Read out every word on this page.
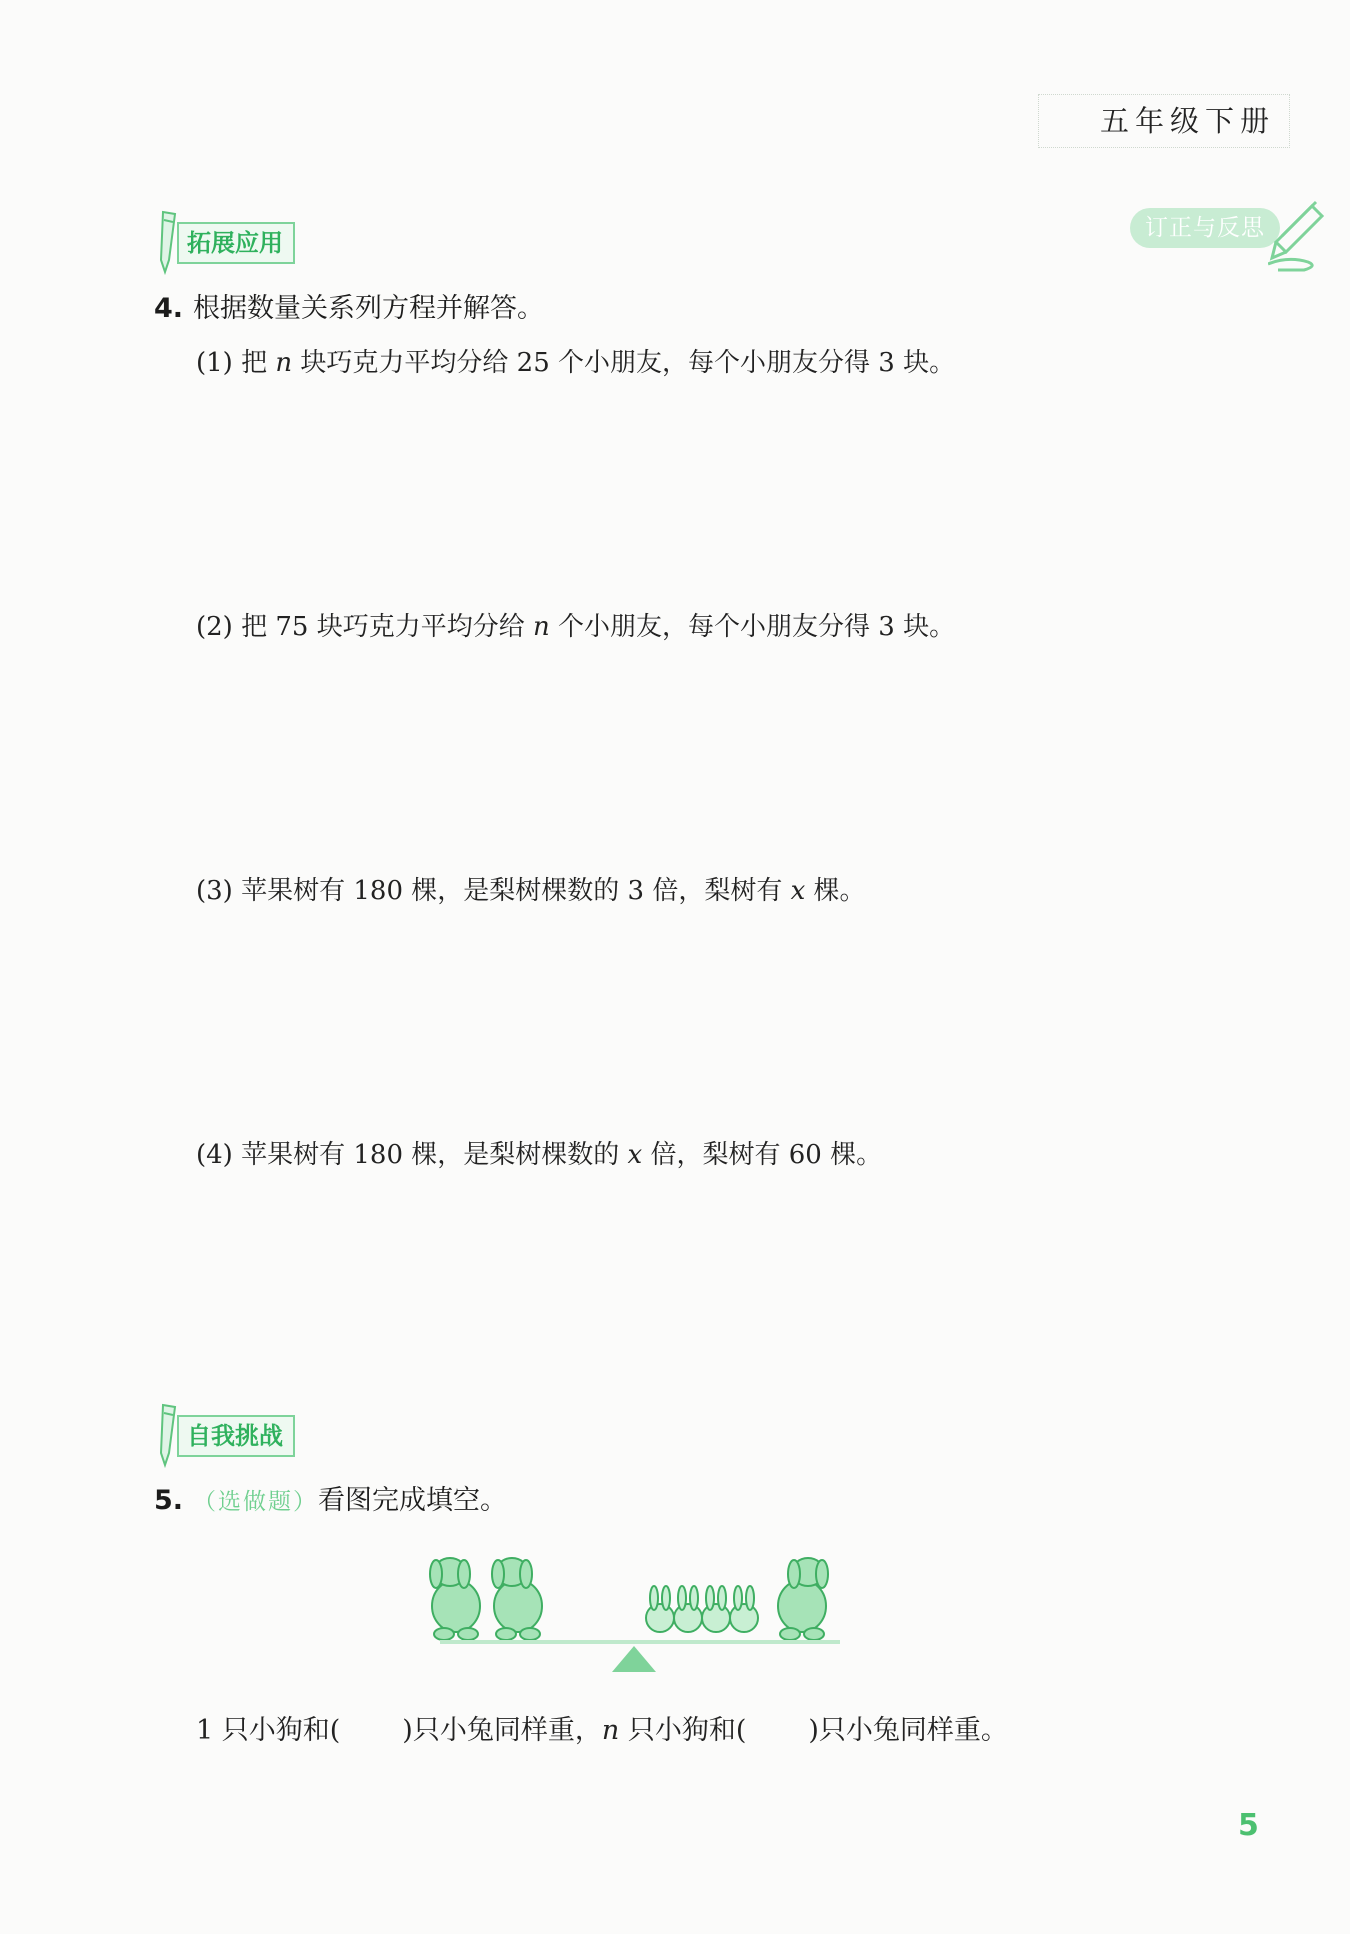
五年级下册
订正与反思
拓展应用
4. 根据数量关系列方程并解答。
(1) 把 n 块巧克力平均分给 25 个小朋友，每个小朋友分得 3 块。
(2) 把 75 块巧克力平均分给 n 个小朋友，每个小朋友分得 3 块。
(3) 苹果树有 180 棵，是梨树棵数的 3 倍，梨树有 x 棵。
(4) 苹果树有 180 棵，是梨树棵数的 x 倍，梨树有 60 棵。
自我挑战
5. （选做题）看图完成填空。
1 只小狗和( )只小兔同样重，n 只小狗和( )只小兔同样重。
5
